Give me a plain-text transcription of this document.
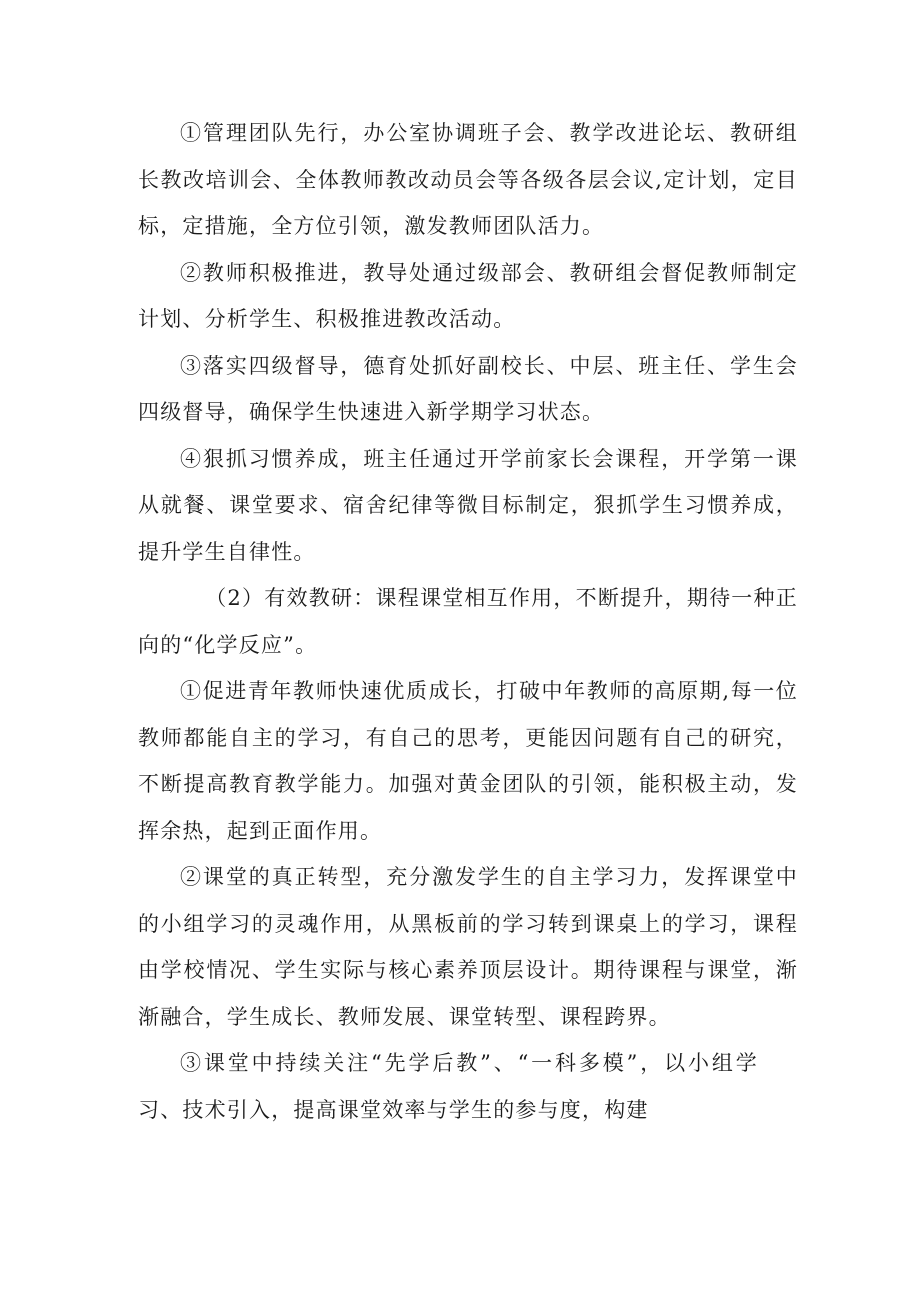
①管理团队先行，办公室协调班子会、教学改进论坛、教研组长教改培训会、全体教师教改动员会等各级各层会议,定计划，定目标，定措施，全方位引领，激发教师团队活力。

②教师积极推进，教导处通过级部会、教研组会督促教师制定计划、分析学生、积极推进教改活动。

③落实四级督导，德育处抓好副校长、中层、班主任、学生会四级督导，确保学生快速进入新学期学习状态。

④狠抓习惯养成，班主任通过开学前家长会课程，开学第一课从就餐、课堂要求、宿舍纪律等微目标制定，狠抓学生习惯养成，提升学生自律性。

（2）有效教研：课程课堂相互作用，不断提升，期待一种正向的“化学反应”。

①促进青年教师快速优质成长，打破中年教师的高原期,每一位教师都能自主的学习，有自己的思考，更能因问题有自己的研究，不断提高教育教学能力。加强对黄金团队的引领，能积极主动，发挥余热，起到正面作用。

②课堂的真正转型，充分激发学生的自主学习力，发挥课堂中的小组学习的灵魂作用，从黑板前的学习转到课桌上的学习，课程由学校情况、学生实际与核心素养顶层设计。期待课程与课堂，渐渐融合，学生成长、教师发展、课堂转型、课程跨界。

③课堂中持续关注“先学后教”、“一科多模”，以小组学习、技术引入，提高课堂效率与学生的参与度，构建
